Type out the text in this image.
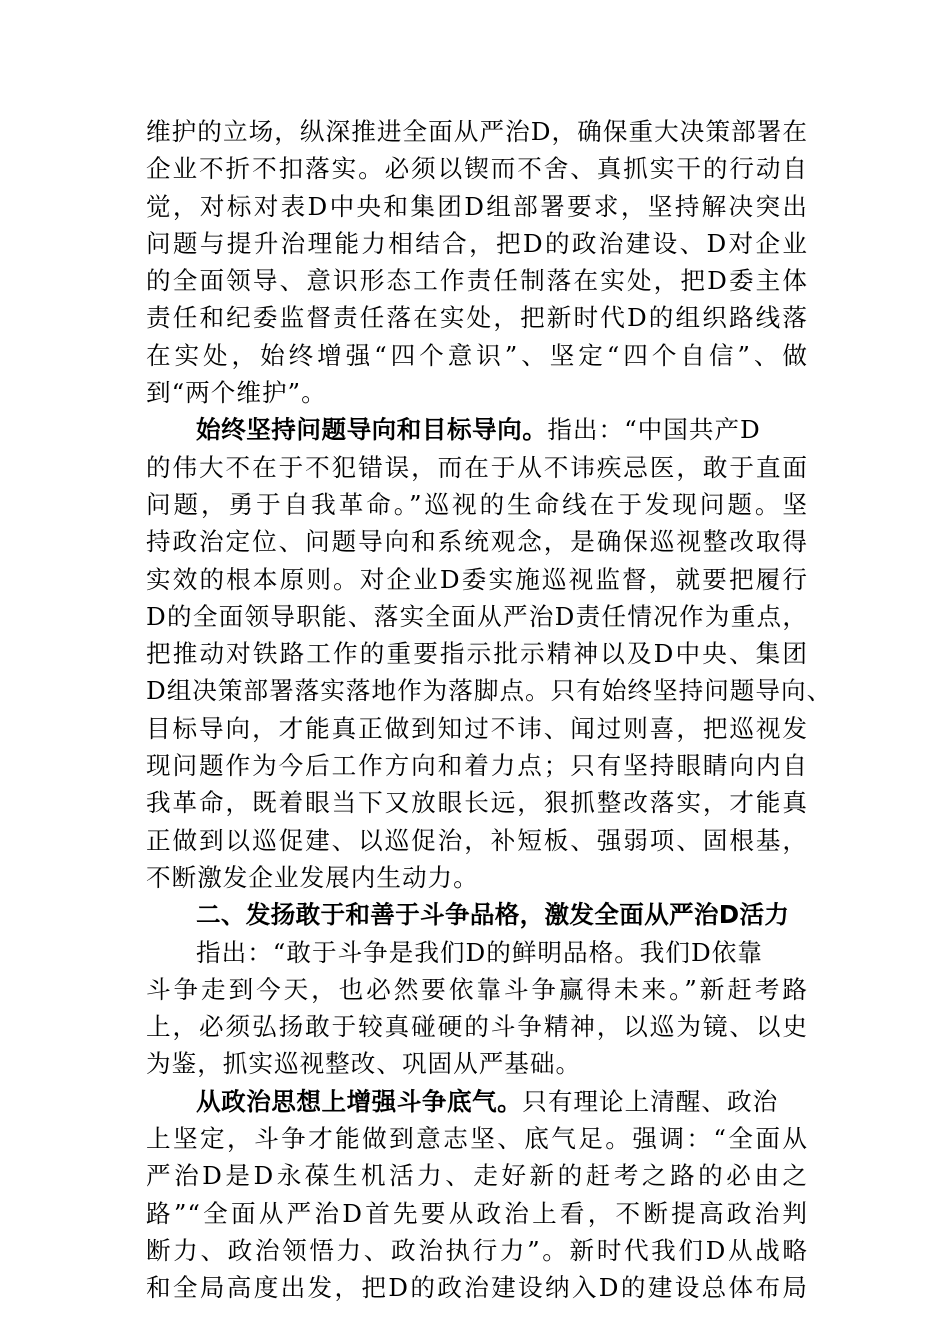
维护的立场，纵深推进全面从严治D，确保重大决策部署在
企业不折不扣落实。必须以锲而不舍、真抓实干的行动自
觉，对标对表D中央和集团D组部署要求，坚持解决突出
问题与提升治理能力相结合，把D的政治建设、D对企业
的全面领导、意识形态工作责任制落在实处，把D委主体
责任和纪委监督责任落在实处，把新时代D的组织路线落
在实处，始终增强“四个意识”、坚定“四个自信”、做
到“两个维护”。
始终坚持问题导向和目标导向。指出：“中国共产D
的伟大不在于不犯错误，而在于从不讳疾忌医，敢于直面
问题，勇于自我革命。”巡视的生命线在于发现问题。坚
持政治定位、问题导向和系统观念，是确保巡视整改取得
实效的根本原则。对企业D委实施巡视监督，就要把履行
D的全面领导职能、落实全面从严治D责任情况作为重点，
把推动对铁路工作的重要指示批示精神以及D中央、集团
D组决策部署落实落地作为落脚点。只有始终坚持问题导向、
目标导向，才能真正做到知过不讳、闻过则喜，把巡视发
现问题作为今后工作方向和着力点；只有坚持眼睛向内自
我革命，既着眼当下又放眼长远，狠抓整改落实，才能真
正做到以巡促建、以巡促治，补短板、强弱项、固根基，
不断激发企业发展内生动力。
二、发扬敢于和善于斗争品格，激发全面从严治D活力
指出：“敢于斗争是我们D的鲜明品格。我们D依靠
斗争走到今天，也必然要依靠斗争赢得未来。”新赶考路
上，必须弘扬敢于较真碰硬的斗争精神，以巡为镜、以史
为鉴，抓实巡视整改、巩固从严基础。
从政治思想上增强斗争底气。只有理论上清醒、政治
上坚定，斗争才能做到意志坚、底气足。强调：“全面从
严治D是D永葆生机活力、走好新的赶考之路的必由之
路”“全面从严治D首先要从政治上看，不断提高政治判
断力、政治领悟力、政治执行力”。新时代我们D从战略
和全局高度出发，把D的政治建设纳入D的建设总体布局
